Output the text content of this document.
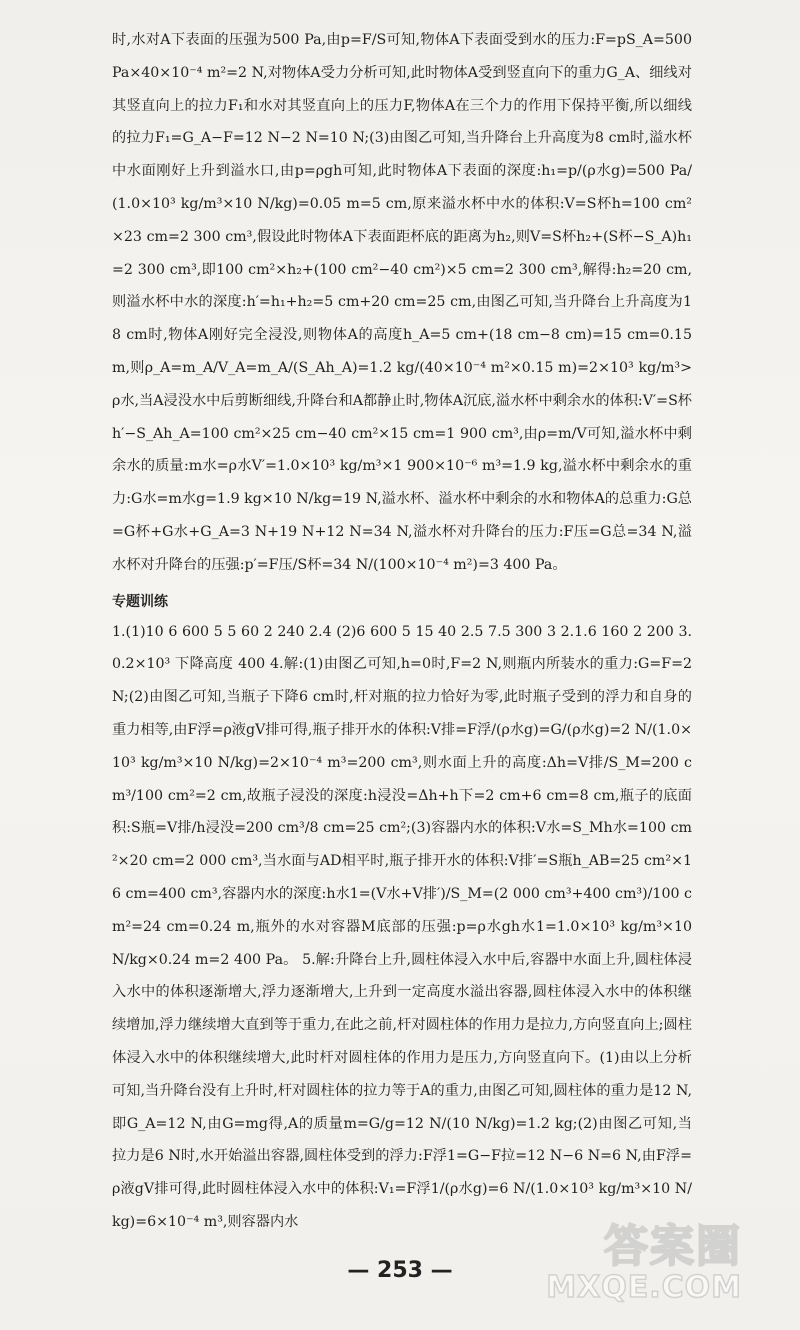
时,水对A下表面的压强为500 Pa,由p=F/S可知,物体A下表面受到水的压力:F=pS_A=500 Pa×40×10⁻⁴ m²=2 N,对物体A受力分析可知,此时物体A受到竖直向下的重力G_A、细线对其竖直向上的拉力F₁和水对其竖直向上的压力F,物体A在三个力的作用下保持平衡,所以细线的拉力F₁=G_A−F=12 N−2 N=10 N;(3)由图乙可知,当升降台上升高度为8 cm时,溢水杯中水面刚好上升到溢水口,由p=ρgh可知,此时物体A下表面的深度:h₁=p/(ρ水g)=500 Pa/(1.0×10³ kg/m³×10 N/kg)=0.05 m=5 cm,原来溢水杯中水的体积:V=S杯h=100 cm²×23 cm=2 300 cm³,假设此时物体A下表面距杯底的距离为h₂,则V=S杯h₂+(S杯−S_A)h₁=2 300 cm³,即100 cm²×h₂+(100 cm²−40 cm²)×5 cm=2 300 cm³,解得:h₂=20 cm,则溢水杯中水的深度:h′=h₁+h₂=5 cm+20 cm=25 cm,由图乙可知,当升降台上升高度为18 cm时,物体A刚好完全浸没,则物体A的高度h_A=5 cm+(18 cm−8 cm)=15 cm=0.15 m,则ρ_A=m_A/V_A=m_A/(S_Ah_A)=1.2 kg/(40×10⁻⁴ m²×0.15 m)=2×10³ kg/m³>ρ水,当A浸没水中后剪断细线,升降台和A都静止时,物体A沉底,溢水杯中剩余水的体积:V′=S杯h′−S_Ah_A=100 cm²×25 cm−40 cm²×15 cm=1 900 cm³,由ρ=m/V可知,溢水杯中剩余水的质量:m水=ρ水V′=1.0×10³ kg/m³×1 900×10⁻⁶ m³=1.9 kg,溢水杯中剩余水的重力:G水=m水g=1.9 kg×10 N/kg=19 N,溢水杯、溢水杯中剩余的水和物体A的总重力:G总=G杯+G水+G_A=3 N+19 N+12 N=34 N,溢水杯对升降台的压力:F压=G总=34 N,溢水杯对升降台的压强:p′=F压/S杯=34 N/(100×10⁻⁴ m²)=3 400 Pa。

专题训练

1.(1)10 6 600 5 5 60 2 240 2.4 (2)6 600 5 15 40 2.5 7.5 300 3 2.1.6 160 2 200 3.0.2×10³ 下降高度 400 4.解:(1)由图乙可知,h=0时,F=2 N,则瓶内所装水的重力:G=F=2 N;(2)由图乙可知,当瓶子下降6 cm时,杆对瓶的拉力恰好为零,此时瓶子受到的浮力和自身的重力相等,由F浮=ρ液gV排可得,瓶子排开水的体积:V排=F浮/(ρ水g)=G/(ρ水g)=2 N/(1.0×10³ kg/m³×10 N/kg)=2×10⁻⁴ m³=200 cm³,则水面上升的高度:Δh=V排/S_M=200 cm³/100 cm²=2 cm,故瓶子浸没的深度:h浸没=Δh+h下=2 cm+6 cm=8 cm,瓶子的底面积:S瓶=V排/h浸没=200 cm³/8 cm=25 cm²;(3)容器内水的体积:V水=S_Mh水=100 cm²×20 cm=2 000 cm³,当水面与AD相平时,瓶子排开水的体积:V排′=S瓶h_AB=25 cm²×16 cm=400 cm³,容器内水的深度:h水1=(V水+V排′)/S_M=(2 000 cm³+400 cm³)/100 cm²=24 cm=0.24 m,瓶外的水对容器M底部的压强:p=ρ水gh水1=1.0×10³ kg/m³×10 N/kg×0.24 m=2 400 Pa。 5.解:升降台上升,圆柱体浸入水中后,容器中水面上升,圆柱体浸入水中的体积逐渐增大,浮力逐渐增大,上升到一定高度水溢出容器,圆柱体浸入水中的体积继续增加,浮力继续增大直到等于重力,在此之前,杆对圆柱体的作用力是拉力,方向竖直向上;圆柱体浸入水中的体积继续增大,此时杆对圆柱体的作用力是压力,方向竖直向下。(1)由以上分析可知,当升降台没有上升时,杆对圆柱体的拉力等于A的重力,由图乙可知,圆柱体的重力是12 N,即G_A=12 N,由G=mg得,A的质量m=G/g=12 N/(10 N/kg)=1.2 kg;(2)由图乙可知,当拉力是6 N时,水开始溢出容器,圆柱体受到的浮力:F浮1=G−F拉=12 N−6 N=6 N,由F浮=ρ液gV排可得,此时圆柱体浸入水中的体积:V₁=F浮1/(ρ水g)=6 N/(1.0×10³ kg/m³×10 N/kg)=6×10⁻⁴ m³,则容器内水

— 253 —	答案圈
MXQE.COM
